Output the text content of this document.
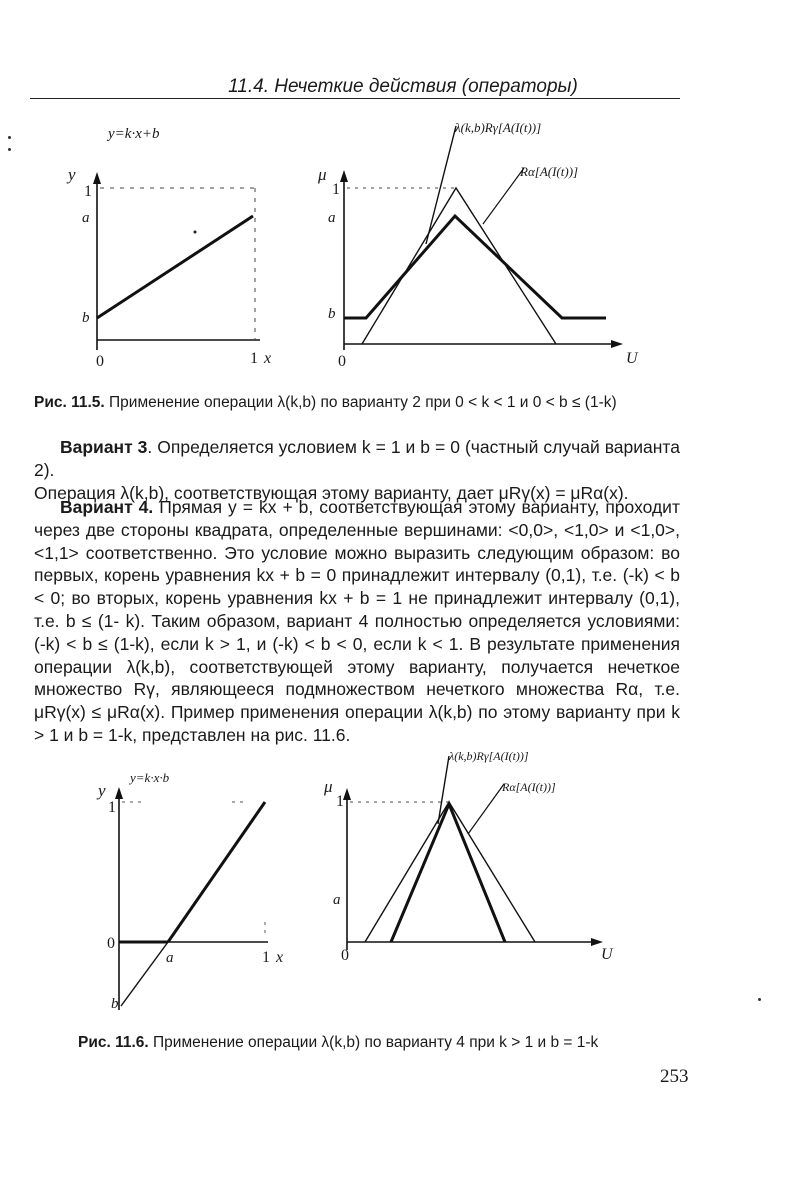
11.4. Нечеткие действия (операторы)
y=k·x+b
y
1
a
b
0	1 x
μ
1
a
b
0	U
λ(k,b)Rγ[A(I(t))]
Rα[A(I(t))]
Рис. 11.5. Применение операции λ(k,b) по варианту 2 при 0 < k < 1 и 0 < b ≤ (1-k)

Вариант 3. Определяется условием k = 1 и b = 0 (частный случай варианта 2).

Операция λ(k,b), соответствующая этому варианту, дает μRγ(x) = μRα(x).

Вариант 4. Прямая y = kx + b, соответствующая этому варианту, проходит через две стороны квадрата, определенные вершинами: <0,0>, <1,0> и <1,0>, <1,1> соответственно. Это условие можно выразить следующим образом: во первых, корень уравнения kx + b = 0 принадлежит интервалу (0,1), т.е. (-k) < b < 0; во вторых, корень уравнения kx + b = 1 не принадлежит интервалу (0,1), т.е. b ≤ (1- k). Таким образом, вариант 4 полностью определяется условиями: (-k) < b ≤ (1-k), если k > 1, и (-k) < b < 0, если k < 1. В результате применения операции λ(k,b), соответствующей этому варианту, получается нечеткое множество Rγ, являющееся подмножеством нечеткого множества Rα, т.е. μRγ(x) ≤ μRα(x). Пример применения операции λ(k,b) по этому варианту при k > 1 и b = 1-k, представлен на рис. 11.6.

y=k·x·b
y
1
0
a
b
1 x
μ
1
a
0	U
λ(k,b)Rγ[A(I(t))]
Rα[A(I(t))]
Рис. 11.6. Применение операции λ(k,b) по варианту 4 при k > 1 и b = 1-k
253
